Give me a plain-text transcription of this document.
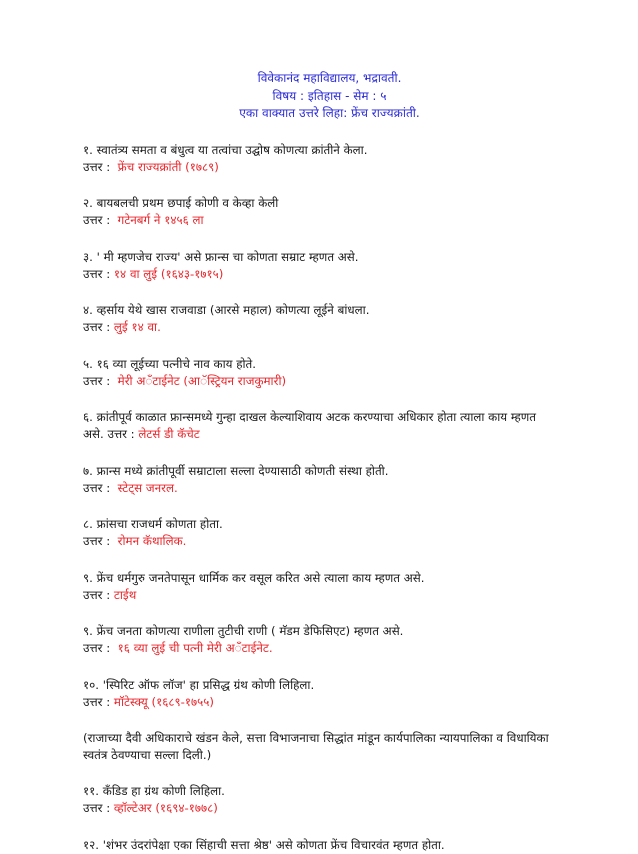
विवेकानंद महाविद्यालय, भद्रावती.
विषय : इतिहास - सेम : ५
एका वाक्यात उत्तरे लिहा: फ्रेंच राज्यक्रांती.
१. स्वातंत्र्य समता व बंधुत्व या तत्वांचा उद्घोष कोणत्या क्रांतीने केला.
उत्तर : फ्रेंच राज्यक्रांती (१७८९)
२. बायबलची प्रथम छपाई कोणी व केव्हा केली
उत्तर : गटेनबर्ग ने १४५६ ला
३. ' मी म्हणजेच राज्य' असे फ्रान्स चा कोणता सम्राट म्हणत असे.
उत्तर : १४ वा लुई (१६४३-१७१५)
४. व्हर्साय येथे खास राजवाडा (आरसे महाल) कोणत्या लूईने बांधला.
उत्तर : लुई १४ वा.
५. १६ व्या लूईच्या पत्नीचे नाव काय होते.
उत्तर : मेरी अॅंटाईनेट (आॅस्ट्रियन राजकुमारी)
६. क्रांतीपूर्व काळात फ्रान्समध्ये गुन्हा दाखल केल्याशिवाय अटक करण्याचा अधिकार होता त्याला काय म्हणत असे. उत्तर : लेटर्स डी कॅचेट
७. फ्रान्स मध्ये क्रांतीपूर्वी सम्राटाला सल्ला देण्यासाठी कोणती संस्था होती.
उत्तर : स्टेट्स जनरल.
८. फ्रांसचा राजधर्म कोणता होता.
उत्तर : रोमन कॅथालिक.
९. फ्रेंच धर्मगुरु जनतेपासून धार्मिक कर वसूल करित असे त्याला काय म्हणत असे.
उत्तर : टाईथ
९. फ्रेंच जनता कोणत्या राणीला तुटीची राणी ( मॅडम डेफिसिएट) म्हणत असे.
उत्तर : १६ व्या लुई ची पत्नी मेरी अॅंटाईनेट.
१०. 'स्पिरिट ऑफ लॉज' हा प्रसिद्ध ग्रंथ कोणी लिहिला.
उत्तर : मॉटेस्क्यू (१६८९-१७५५)
(राजाच्या दैवी अधिकाराचे खंडन केले, सत्ता विभाजनाचा सिद्धांत मांडून कार्यपालिका न्यायपालिका व विधायिका स्वतंत्र ठेवण्याचा सल्ला दिली.)
११. कॅंडिड हा ग्रंथ कोणी लिहिला.
उत्तर : व्हॉल्टेअर (१६९४-१७७८)
१२. 'शंभर उंदरांपेक्षा एका सिंहाची सत्ता श्रेष्ठ' असे कोणता फ्रेंच विचारवंत म्हणत होता.
